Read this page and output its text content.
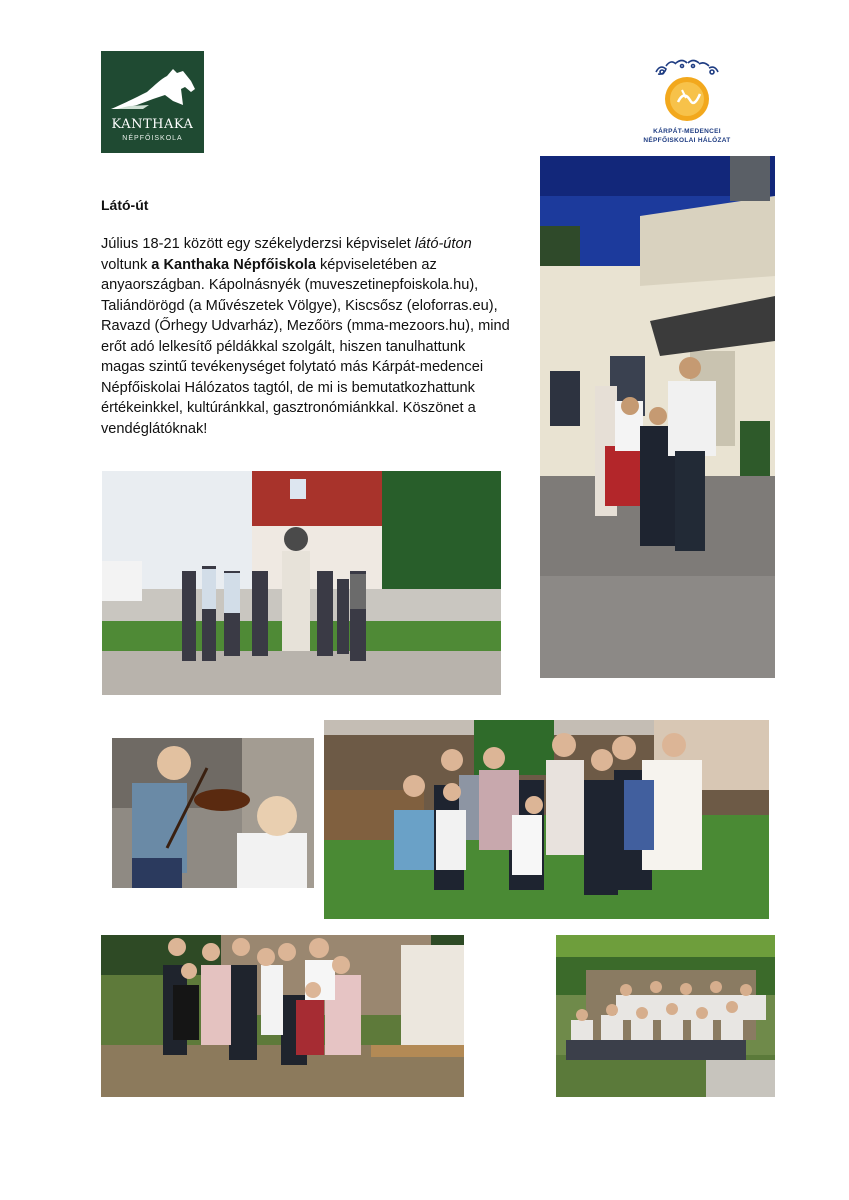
KANTHAKA
NÉPFŐISKOLA
KÁRPÁT-MEDENCEI
NÉPFŐISKOLAI HÁLÓZAT
Látó-út

Július 18-21 között egy székelyderzsi képviselet látó-úton voltunk a Kanthaka Népfőiskola képviseletében az anyaországban. Kápolnásnyék (muveszetinepfoiskola.hu), Taliándörögd (a Művészetek Völgye), Kiscsősz (eloforras.eu), Ravazd (Őrhegy Udvarház), Mezőörs (mma-mezoors.hu), mind erőt adó lelkesítő példákkal szolgált, hiszen tanulhattunk magas szintű tevékenységet folytató más Kárpát-medencei Népfőiskolai Hálózatos tagtól, de mi is bemutatkozhattunk értékeinkkel, kultúránkkal, gasztronómiánkkal. Köszönet a vendéglátóknak!
